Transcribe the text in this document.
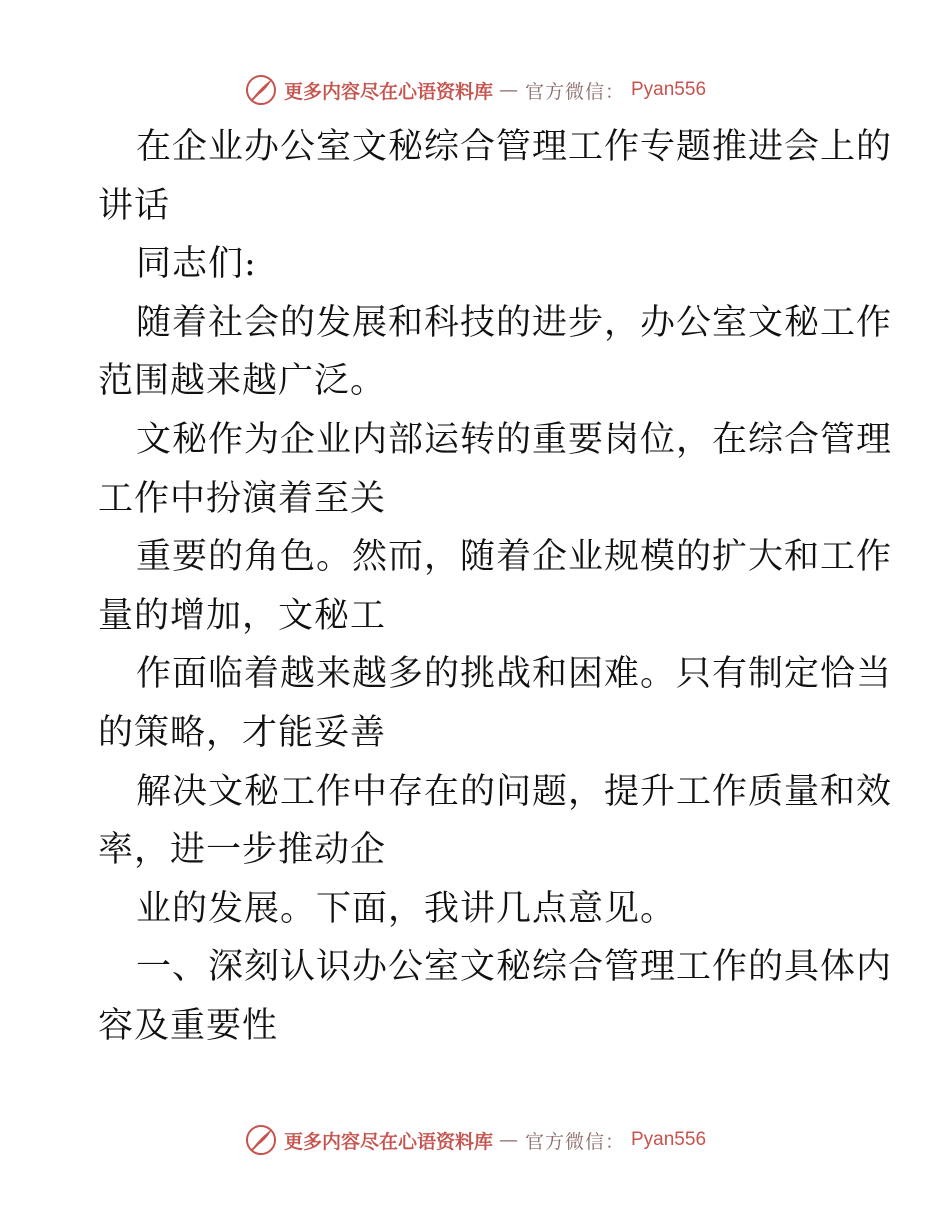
更多内容尽在心语资料库 — 官方微信： Pyan556
在企业办公室文秘综合管理工作专题推进会上的
讲话
同志们:
随着社会的发展和科技的进步，办公室文秘工作
范围越来越广泛。
文秘作为企业内部运转的重要岗位，在综合管理
工作中扮演着至关
重要的角色。然而，随着企业规模的扩大和工作
量的增加，文秘工
作面临着越来越多的挑战和困难。只有制定恰当
的策略，才能妥善
解决文秘工作中存在的问题，提升工作质量和效
率，进一步推动企
业的发展。下面，我讲几点意见。
一、深刻认识办公室文秘综合管理工作的具体内
容及重要性
更多内容尽在心语资料库 — 官方微信： Pyan556
